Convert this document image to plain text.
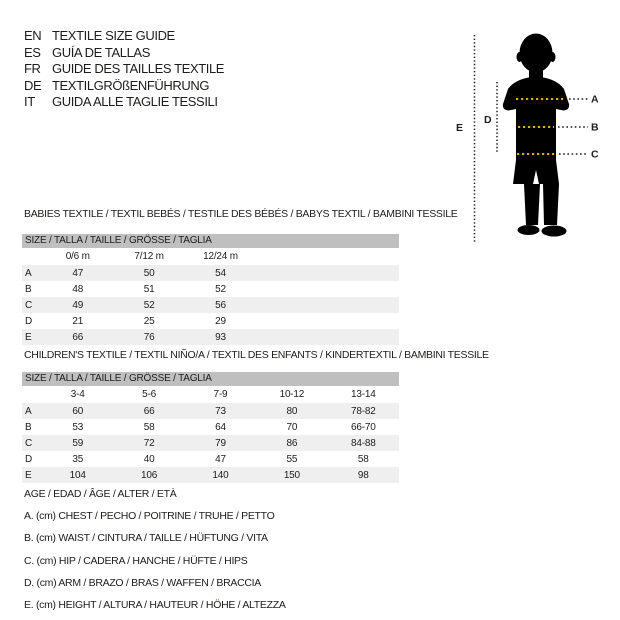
EN TEXTILE SIZE GUIDE
ES GUÍA DE TALLAS
FR GUIDE DES TAILLES TEXTILE
DE TEXTILGRÖßENFÜHRUNG
IT GUIDA ALLE TAGLIE TESSILI
E
D
A
B
C
BABIES TEXTILE / TEXTIL BEBÉS / TESTILE DES BÉBÉS / BABYS TEXTIL / BAMBINI TESSILE
SIZE / TALLA / TAILLE / GRÖSSE / TAGLIA
	0/6 m	7/12 m	12/24 m		
A	47	50	54		
B	48	51	52		
C	49	52	56		
D	21	25	29		
E	66	76	93		
CHILDREN'S TEXTILE / TEXTIL NIÑO/A / TEXTIL DES ENFANTS / KINDERTEXTIL / BAMBINI TESSILE
SIZE / TALLA / TAILLE / GRÖSSE / TAGLIA
	3-4	5-6	7-9	10-12	13-14
A	60	66	73	80	78-82
B	53	58	64	70	66-70
C	59	72	79	86	84-88
D	35	40	47	55	58
E	104	106	140	150	98
AGE / EDAD / ÂGE / ALTER / ETÀ
A. (cm) CHEST / PECHO / POITRINE / TRUHE / PETTO
B. (cm) WAIST / CINTURA / TAILLE / HÜFTUNG / VITA
C. (cm) HIP / CADERA / HANCHE / HÜFTE / HIPS
D. (cm) ARM / BRAZO / BRAS / WAFFEN / BRACCIA
E. (cm) HEIGHT / ALTURA / HAUTEUR / HÖHE / ALTEZZA
